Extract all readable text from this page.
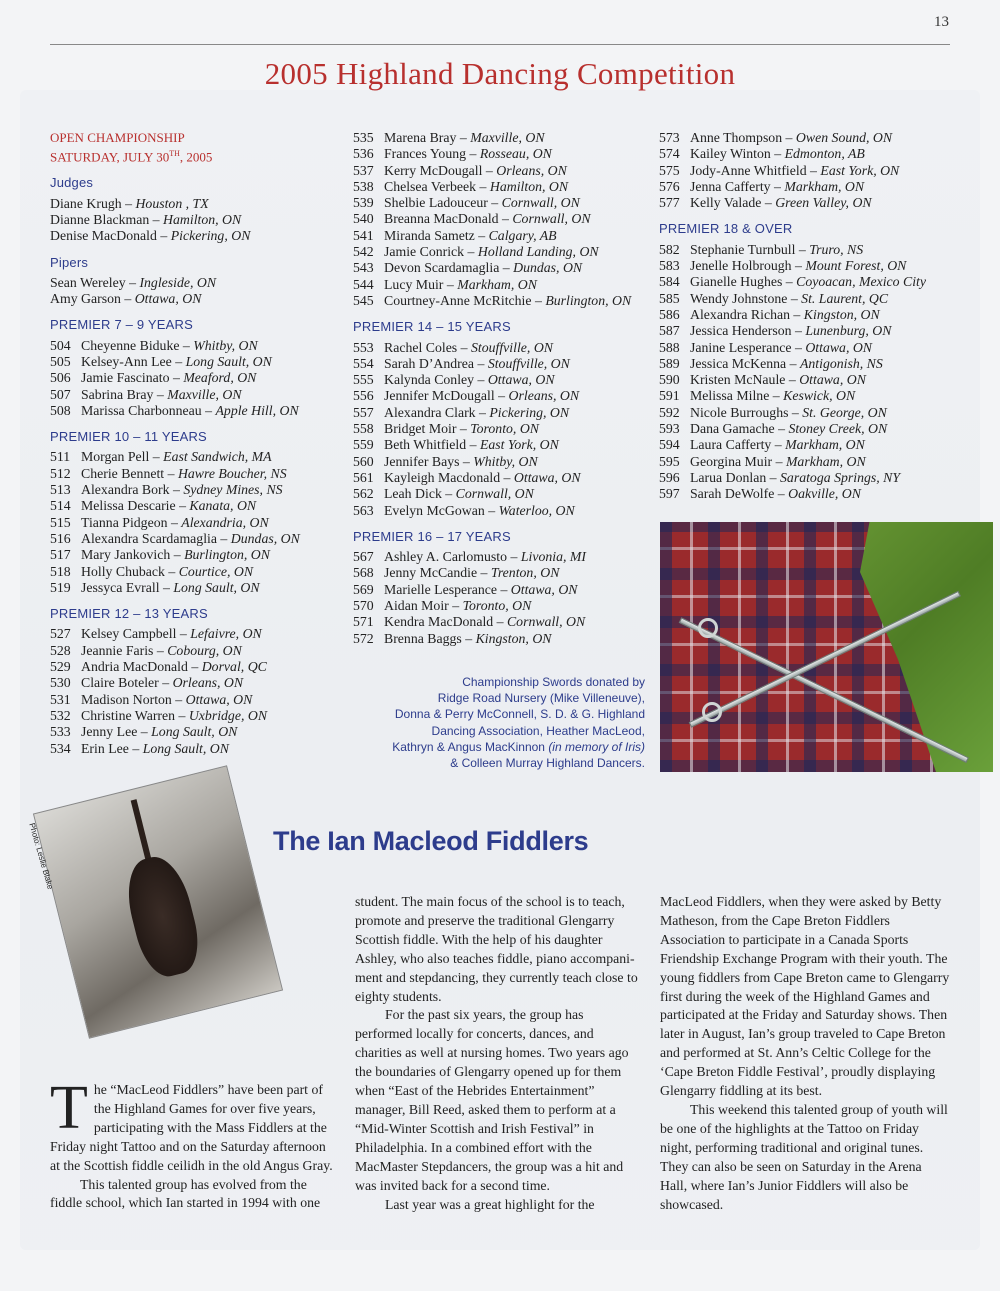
13
2005 Highland Dancing Competition
OPEN CHAMPIONSHIP
SATURDAY, JULY 30TH, 2005
Judges
Diane Krugh – Houston , TX
Dianne Blackman – Hamilton, ON
Denise MacDonald – Pickering, ON
Pipers
Sean Wereley – Ingleside, ON
Amy Garson – Ottawa, ON
PREMIER 7 – 9 YEARS
504 Cheyenne Biduke – Whitby, ON
505 Kelsey-Ann Lee – Long Sault, ON
506 Jamie Fascinato – Meaford, ON
507 Sabrina Bray – Maxville, ON
508 Marissa Charbonneau – Apple Hill, ON
PREMIER 10 – 11 YEARS
511 Morgan Pell – East Sandwich, MA
512 Cherie Bennett – Hawre Boucher, NS
513 Alexandra Bork – Sydney Mines, NS
514 Melissa Descarie – Kanata, ON
515 Tianna Pidgeon – Alexandria, ON
516 Alexandra Scardamaglia – Dundas, ON
517 Mary Jankovich – Burlington, ON
518 Holly Chuback – Courtice, ON
519 Jessyca Evrall – Long Sault, ON
PREMIER 12 – 13 YEARS
527 Kelsey Campbell – Lefaivre, ON
528 Jeannie Faris – Cobourg, ON
529 Andria MacDonald – Dorval, QC
530 Claire Boteler – Orleans, ON
531 Madison Norton – Ottawa, ON
532 Christine Warren – Uxbridge, ON
533 Jenny Lee – Long Sault, ON
534 Erin Lee – Long Sault, ON
535 Marena Bray – Maxville, ON
536 Frances Young – Rosseau, ON
537 Kerry McDougall – Orleans, ON
538 Chelsea Verbeek – Hamilton, ON
539 Shelbie Ladouceur – Cornwall, ON
540 Breanna MacDonald – Cornwall, ON
541 Miranda Sametz – Calgary, AB
542 Jamie Conrick – Holland Landing, ON
543 Devon Scardamaglia – Dundas, ON
544 Lucy Muir – Markham, ON
545 Courtney-Anne McRitchie – Burlington, ON
PREMIER 14 – 15 YEARS
553 Rachel Coles – Stouffville, ON
554 Sarah D’Andrea – Stouffville, ON
555 Kalynda Conley – Ottawa, ON
556 Jennifer McDougall – Orleans, ON
557 Alexandra Clark – Pickering, ON
558 Bridget Moir – Toronto, ON
559 Beth Whitfield – East York, ON
560 Jennifer Bays – Whitby, ON
561 Kayleigh Macdonald – Ottawa, ON
562 Leah Dick – Cornwall, ON
563 Evelyn McGowan – Waterloo, ON
PREMIER 16 – 17 YEARS
567 Ashley A. Carlomusto – Livonia, MI
568 Jenny McCandie – Trenton, ON
569 Marielle Lesperance – Ottawa, ON
570 Aidan Moir – Toronto, ON
571 Kendra MacDonald – Cornwall, ON
572 Brenna Baggs – Kingston, ON
573 Anne Thompson – Owen Sound, ON
574 Kailey Winton – Edmonton, AB
575 Jody-Anne Whitfield – East York, ON
576 Jenna Cafferty – Markham, ON
577 Kelly Valade – Green Valley, ON
PREMIER 18 & OVER
582 Stephanie Turnbull – Truro, NS
583 Jenelle Holbrough – Mount Forest, ON
584 Gianelle Hughes – Coyoacan, Mexico City
585 Wendy Johnstone – St. Laurent, QC
586 Alexandra Richan – Kingston, ON
587 Jessica Henderson – Lunenburg, ON
588 Janine Lesperance – Ottawa, ON
589 Jessica McKenna – Antigonish, NS
590 Kristen McNaule – Ottawa, ON
591 Melissa Milne – Keswick, ON
592 Nicole Burroughs – St. George, ON
593 Dana Gamache – Stoney Creek, ON
594 Laura Cafferty – Markham, ON
595 Georgina Muir – Markham, ON
596 Larua Donlan – Saratoga Springs, NY
597 Sarah DeWolfe – Oakville, ON
Championship Swords donated by
Ridge Road Nursery (Mike Villeneuve),
Donna & Perry McConnell, S. D. & G. Highland
Dancing Association, Heather MacLeod,
Kathryn & Angus MacKinnon (in memory of Iris)
& Colleen Murray Highland Dancers.
Photo: Leslie Blake	The Ian Macleod Fiddlers

The “MacLeod Fiddlers” have been part of the Highland Games for over five years, participating with the Mass Fiddlers at the Friday night Tattoo and on the Saturday afternoon at the Scottish fiddle ceilidh in the old Angus Gray.

This talented group has evolved from the fiddle school, which Ian started in 1994 with one

student. The main focus of the school is to teach, promote and preserve the traditional Glengarry Scottish fiddle. With the help of his daughter Ashley, who also teaches fiddle, piano accompani-ment and stepdancing, they currently teach close to eighty students.

For the past six years, the group has performed locally for concerts, dances, and charities as well at nursing homes. Two years ago the boundaries of Glengarry opened up for them when “East of the Hebrides Entertainment” manager, Bill Reed, asked them to perform at a “Mid-Winter Scottish and Irish Festival” in Philadelphia. In a combined effort with the MacMaster Stepdancers, the group was a hit and was invited back for a second time.

Last year was a great highlight for the

MacLeod Fiddlers, when they were asked by Betty Matheson, from the Cape Breton Fiddlers Association to participate in a Canada Sports Friendship Exchange Program with their youth. The young fiddlers from Cape Breton came to Glengarry first during the week of the Highland Games and participated at the Friday and Saturday shows. Then later in August, Ian’s group traveled to Cape Breton and performed at St. Ann’s Celtic College for the ‘Cape Breton Fiddle Festival’, proudly displaying Glengarry fiddling at its best.

This weekend this talented group of youth will be one of the highlights at the Tattoo on Friday night, performing traditional and original tunes. They can also be seen on Saturday in the Arena Hall, where Ian’s Junior Fiddlers will also be showcased.
